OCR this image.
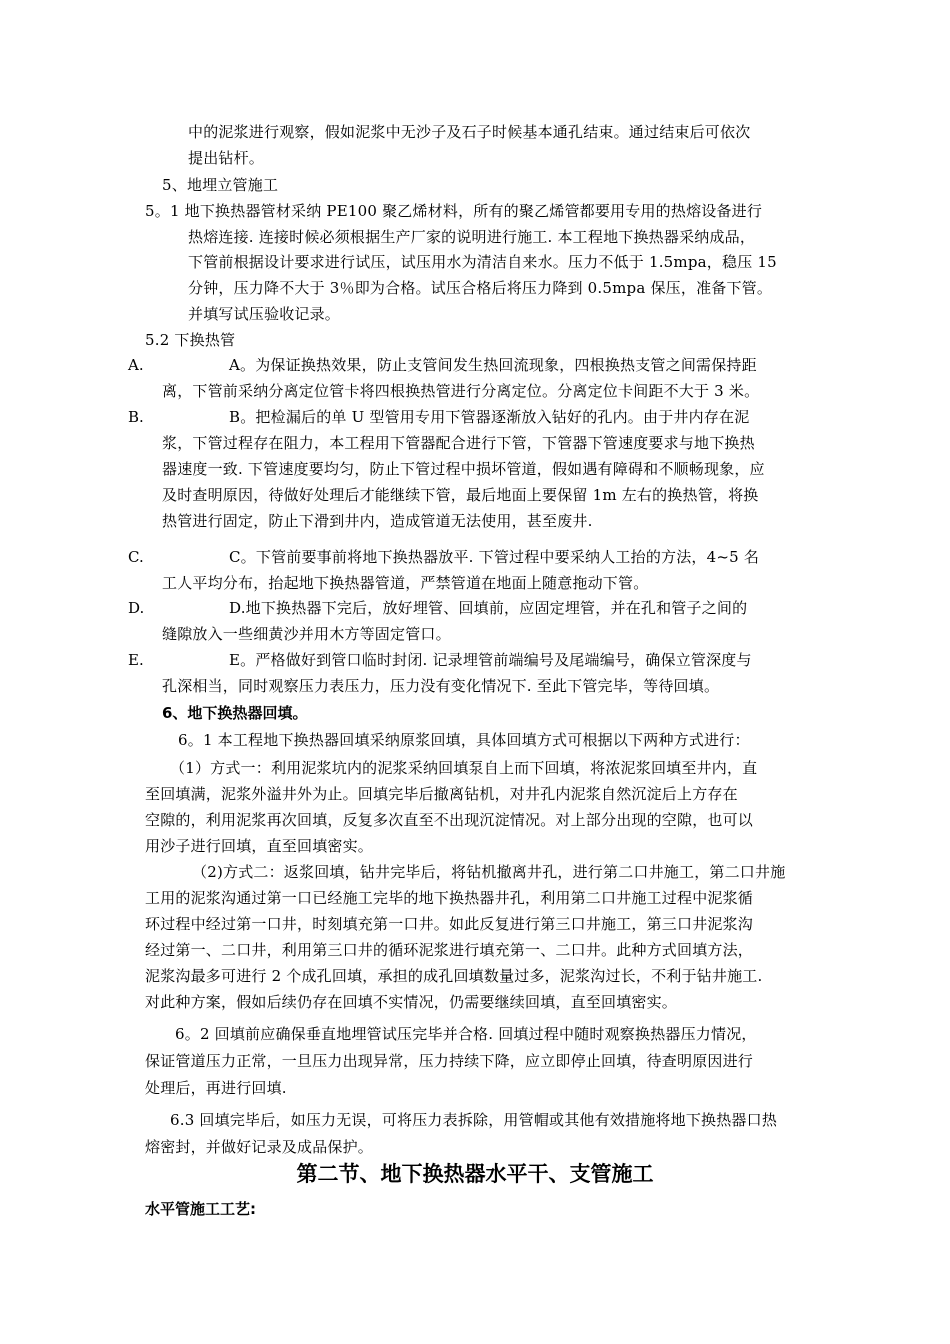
中的泥浆进行观察，假如泥浆中无沙子及石子时候基本通孔结束。通过结束后可依次
提出钻杆。
5、地埋立管施工
5。1 地下换热器管材采纳 PE100 聚乙烯材料，所有的聚乙烯管都要用专用的热熔设备进行
热熔连接. 连接时候必须根据生产厂家的说明进行施工. 本工程地下换热器采纳成品，
下管前根据设计要求进行试压，试压用水为清洁自来水。压力不低于 1.5mpa，稳压 15
分钟，压力降不大于 3％即为合格。试压合格后将压力降到 0.5mpa 保压，准备下管。
并填写试压验收记录。
5.2 下换热管
A.	A。为保证换热效果，防止支管间发生热回流现象，四根换热支管之间需保持距
离，下管前采纳分离定位管卡将四根换热管进行分离定位。分离定位卡间距不大于 3 米。
B.	B。把检漏后的单 U 型管用专用下管器逐渐放入钻好的孔内。由于井内存在泥
浆，下管过程存在阻力，本工程用下管器配合进行下管，下管器下管速度要求与地下换热
器速度一致. 下管速度要均匀，防止下管过程中损坏管道，假如遇有障碍和不顺畅现象，应
及时查明原因，待做好处理后才能继续下管，最后地面上要保留 1m 左右的换热管，将换
热管进行固定，防止下滑到井内，造成管道无法使用，甚至废井.
C.	C。下管前要事前将地下换热器放平. 下管过程中要采纳人工抬的方法，4~5 名
工人平均分布，抬起地下换热器管道，严禁管道在地面上随意拖动下管。
D.	D.地下换热器下完后，放好埋管、回填前，应固定埋管，并在孔和管子之间的
缝隙放入一些细黄沙并用木方等固定管口。
E.	E。严格做好到管口临时封闭. 记录埋管前端编号及尾端编号，确保立管深度与
孔深相当，同时观察压力表压力，压力没有变化情况下. 至此下管完毕，等待回填。
6、地下换热器回填。
6。1 本工程地下换热器回填采纳原浆回填，具体回填方式可根据以下两种方式进行：
（1）方式一：利用泥浆坑内的泥浆采纳回填泵自上而下回填，将浓泥浆回填至井内，直
至回填满，泥浆外溢井外为止。回填完毕后撤离钻机，对井孔内泥浆自然沉淀后上方存在
空隙的，利用泥浆再次回填，反复多次直至不出现沉淀情况。对上部分出现的空隙，也可以
用沙子进行回填，直至回填密实。
（2)方式二：返浆回填，钻井完毕后，将钻机撤离井孔，进行第二口井施工，第二口井施
工用的泥浆沟通过第一口已经施工完毕的地下换热器井孔，利用第二口井施工过程中泥浆循
环过程中经过第一口井，时刻填充第一口井。如此反复进行第三口井施工，第三口井泥浆沟
经过第一、二口井，利用第三口井的循环泥浆进行填充第一、二口井。此种方式回填方法，
泥浆沟最多可进行 2 个成孔回填，承担的成孔回填数量过多，泥浆沟过长，不利于钻井施工.
对此种方案，假如后续仍存在回填不实情况，仍需要继续回填，直至回填密实。
6。2 回填前应确保垂直地埋管试压完毕并合格. 回填过程中随时观察换热器压力情况，
保证管道压力正常，一旦压力出现异常，压力持续下降，应立即停止回填，待查明原因进行
处理后，再进行回填.
6.3 回填完毕后，如压力无误，可将压力表拆除，用管帽或其他有效措施将地下换热器口热
熔密封，并做好记录及成品保护。
第二节、地下换热器水平干、支管施工
水平管施工工艺:
